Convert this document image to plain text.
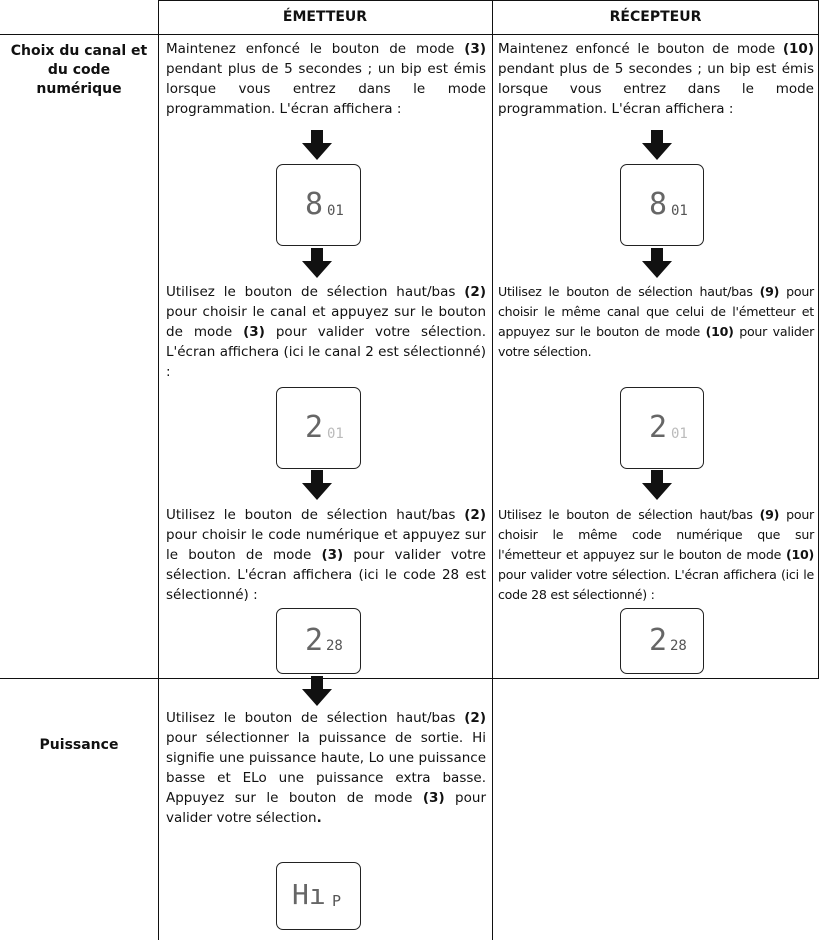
ÉMETTEUR	RÉCEPTEUR
Choix du canal et du code numérique
Puissance
Maintenez enfoncé le bouton de mode (3) pendant plus de 5 secondes ; un bip est émis lorsque vous entrez dans le mode programmation. L'écran affichera :
8 01
Utilisez le bouton de sélection haut/bas (2) pour choisir le canal et appuyez sur le bouton de mode (3) pour valider votre sélection. L'écran affichera (ici le canal 2 est sélectionné) :
2 01
Utilisez le bouton de sélection haut/bas (2) pour choisir le code numérique et appuyez sur le bouton de mode (3) pour valider votre sélection. L'écran affichera (ici le code 28 est sélectionné) :
2 28
Utilisez le bouton de sélection haut/bas (2) pour sélectionner la puissance de sortie. Hi signifie une puissance haute, Lo une puissance basse et ELo une puissance extra basse. Appuyez sur le bouton de mode (3) pour valider votre sélection.
Hı P
Maintenez enfoncé le bouton de mode (10) pendant plus de 5 secondes ; un bip est émis lorsque vous entrez dans le mode programmation. L'écran affichera :
8 01
Utilisez le bouton de sélection haut/bas (9) pour choisir le même canal que celui de l'émetteur et appuyez sur le bouton de mode (10) pour valider votre sélection.
2 01
Utilisez le bouton de sélection haut/bas (9) pour choisir le même code numérique que sur l'émetteur et appuyez sur le bouton de mode (10) pour valider votre sélection. L'écran affichera (ici le code 28 est sélectionné) :
2 28
